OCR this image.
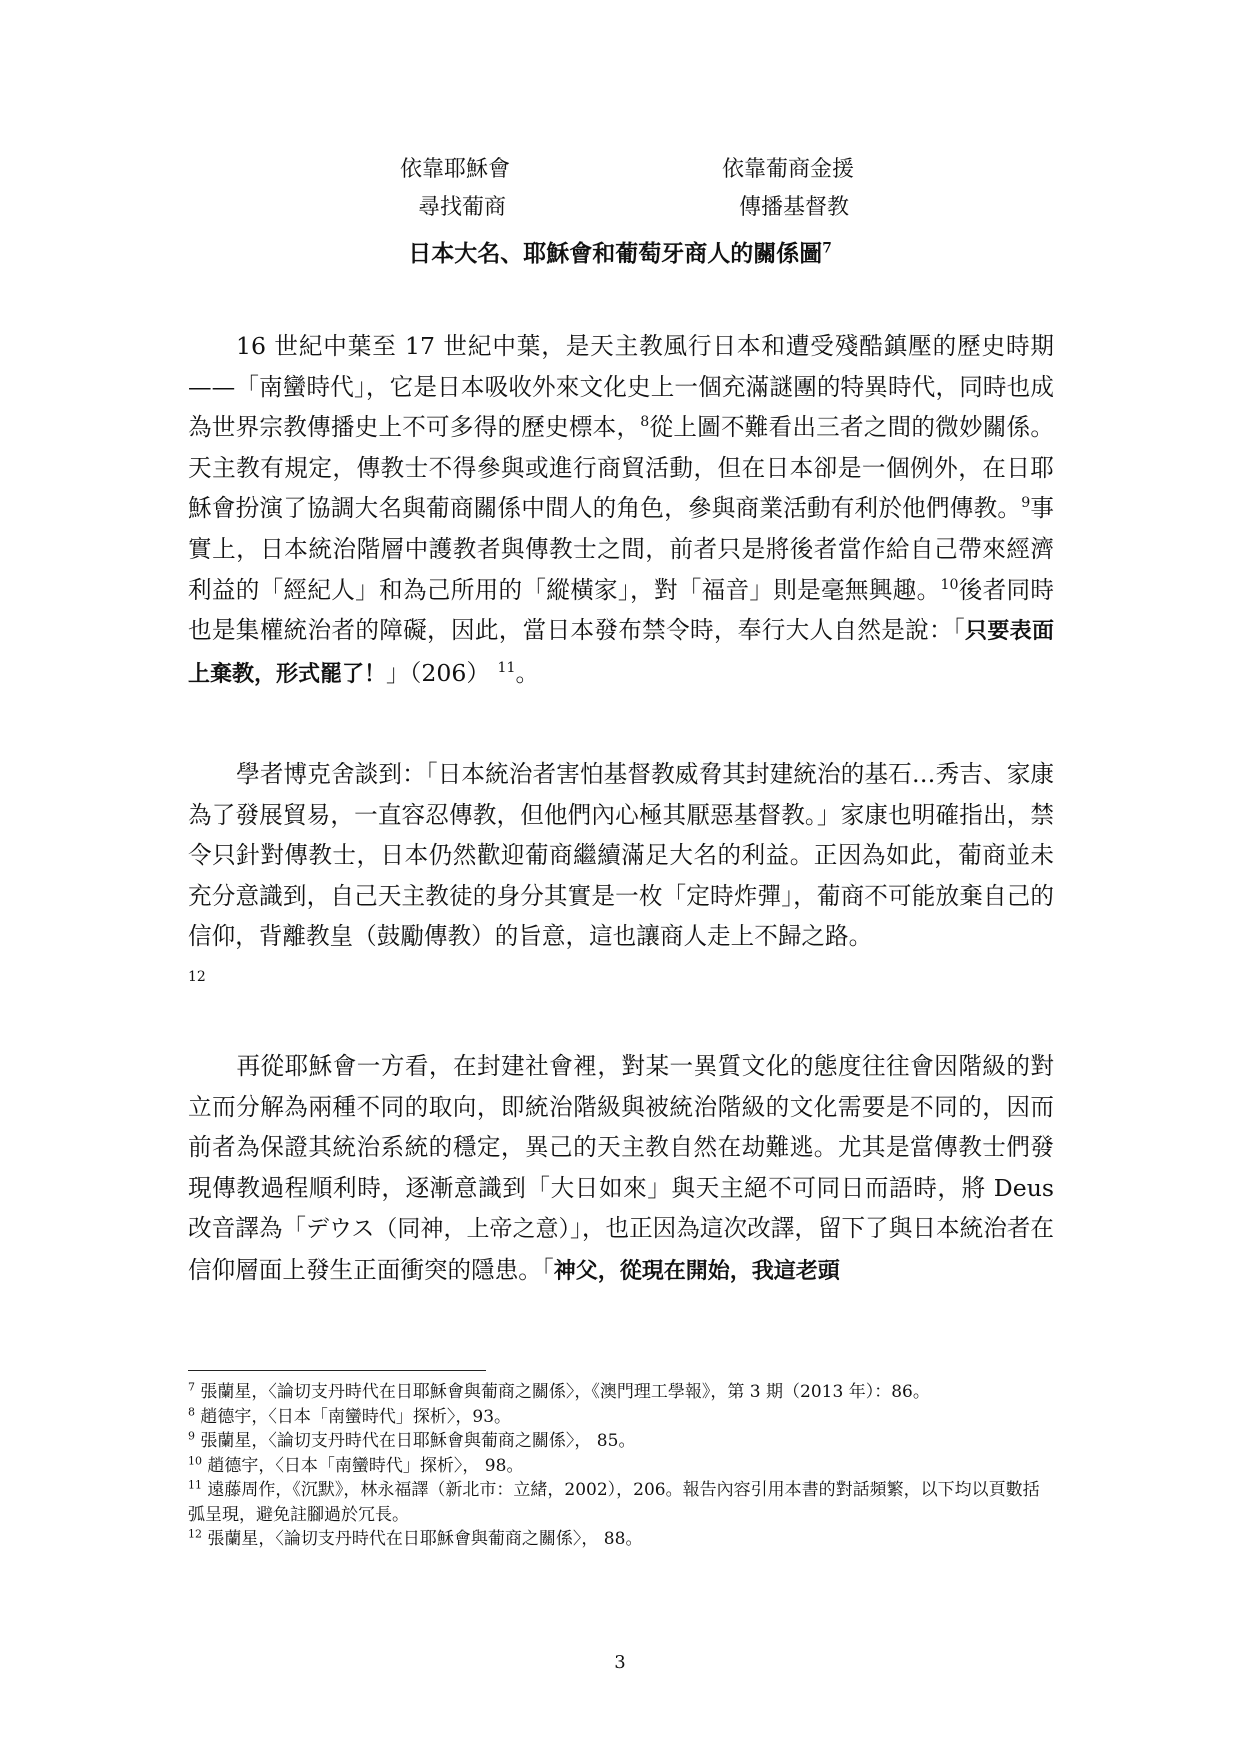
依靠耶穌會	依靠葡商金援
尋找葡商	傳播基督教
日本大名、耶穌會和葡萄牙商人的關係圖$^7$

16 世紀中葉至 17 世紀中葉，是天主教風行日本和遭受殘酷鎮壓的歷史時期——「南蠻時代」，它是日本吸收外來文化史上一個充滿謎團的特異時代，同時也成為世界宗教傳播史上不可多得的歷史標本，$^8$從上圖不難看出三者之間的微妙關係。天主教有規定，傳教士不得參與或進行商貿活動，但在日本卻是一個例外，在日耶穌會扮演了協調大名與葡商關係中間人的角色，參與商業活動有利於他們傳教。$^9$事實上，日本統治階層中護教者與傳教士之間，前者只是將後者當作給自己帶來經濟利益的「經紀人」和為己所用的「縱橫家」，對「福音」則是毫無興趣。$^{10}$後者同時也是集權統治者的障礙，因此，當日本發布禁令時，奉行大人自然是說：「只要表面上棄教，形式罷了！」（206） $^{11}$。

學者博克舍談到：「日本統治者害怕基督教威脅其封建統治的基石…秀吉、家康為了發展貿易，一直容忍傳教，但他們內心極其厭惡基督教。」家康也明確指出，禁令只針對傳教士，日本仍然歡迎葡商繼續滿足大名的利益。正因為如此，葡商並未充分意識到，自己天主教徒的身分其實是一枚「定時炸彈」，葡商不可能放棄自己的信仰，背離教皇（鼓勵傳教）的旨意，這也讓商人走上不歸之路。

12

再從耶穌會一方看，在封建社會裡，對某一異質文化的態度往往會因階級的對立而分解為兩種不同的取向，即統治階級與被統治階級的文化需要是不同的，因而前者為保證其統治系統的穩定，異己的天主教自然在劫難逃。尤其是當傳教士們發現傳教過程順利時，逐漸意識到「大日如來」與天主絕不可同日而語時，將 Deus 改音譯為「デウス（同神，上帝之意）」，也正因為這次改譯，留下了與日本統治者在信仰層面上發生正面衝突的隱患。「神父，從現在開始，我這老頭

$^7$ 張蘭星，〈論切支丹時代在日耶穌會與葡商之關係〉，《澳門理工學報》，第 3 期（2013 年）：86。

$^8$ 趙德宇，〈日本「南蠻時代」探析〉，93。

$^9$ 張蘭星，〈論切支丹時代在日耶穌會與葡商之關係〉， 85。

$^{10}$ 趙德宇，〈日本「南蠻時代」探析〉， 98。

$^{11}$ 遠藤周作，《沉默》，林永福譯（新北市：立緒，2002），206。報告內容引用本書的對話頻繁，以下均以頁數括弧呈現，避免註腳過於冗長。

$^{12}$ 張蘭星，〈論切支丹時代在日耶穌會與葡商之關係〉， 88。

3
